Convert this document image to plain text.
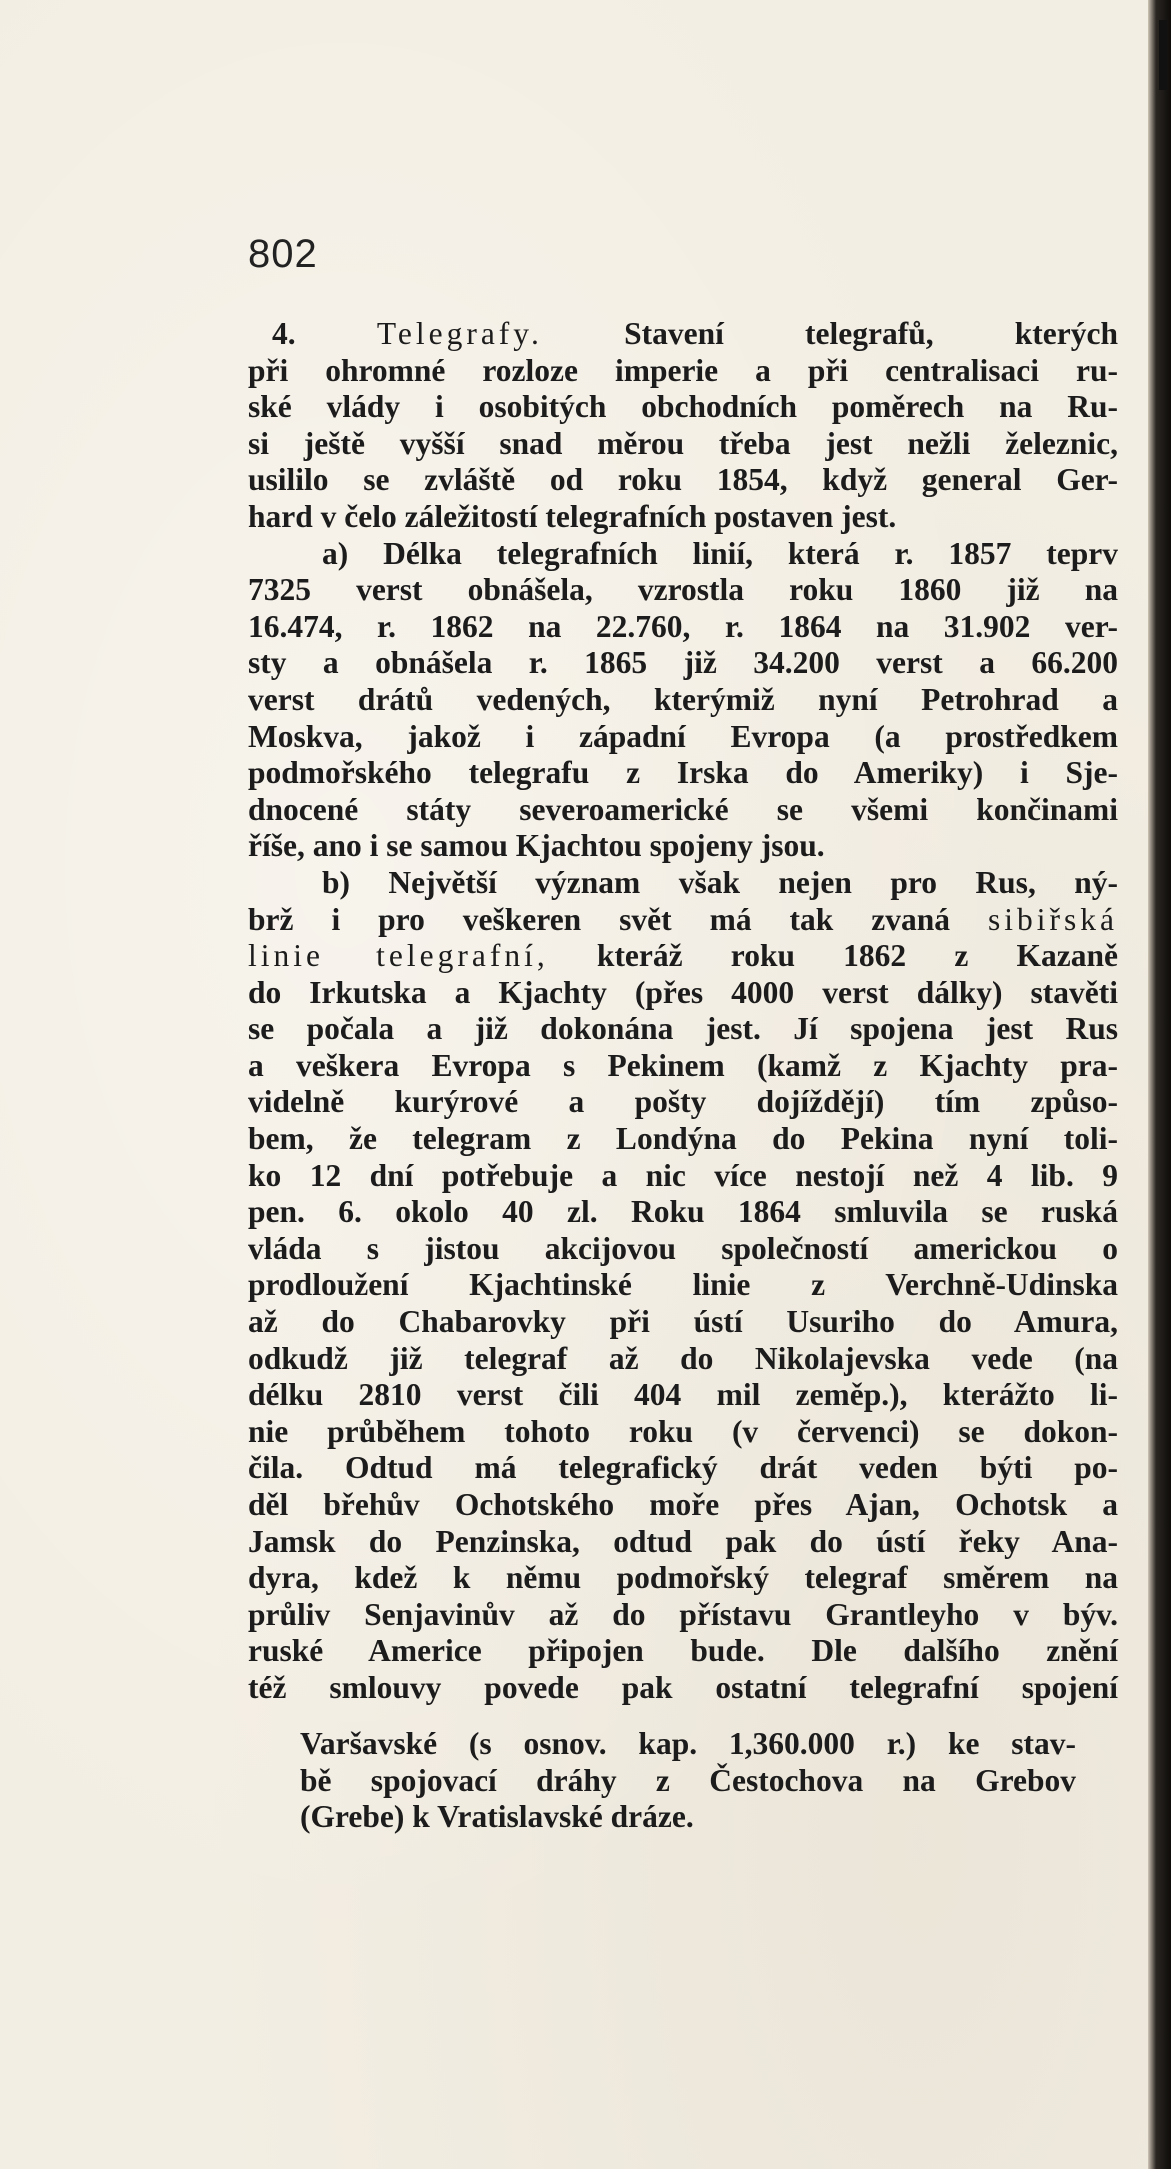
802
4.	Telegrafy.	Stavení telegrafů, kterých
při ohromné rozloze imperie a při centralisaci ru-
ské vlády i osobitých obchodních poměrech na Ru-
si ještě vyšší snad měrou třeba jest nežli železnic,
usililo se zvláště od roku 1854, když general Ger-
hard v čelo záležitostí telegrafních postaven jest.
a) Délka telegrafních linií, která r. 1857 teprv
7325 verst obnášela, vzrostla roku 1860 již na
16.474, r. 1862 na 22.760, r. 1864 na 31.902 ver-
sty a obnášela r. 1865 již 34.200 verst a 66.200
verst drátů vedených, kterýmiž nyní Petrohrad a
Moskva, jakož i západní Evropa (a prostředkem
podmořského telegrafu z Irska do Ameriky) i Sje-
dnocené státy severoamerické se všemi končinami
říše, ano i se samou Kjachtou spojeny jsou.
b) Největší význam však nejen pro Rus, ný-
brž i pro veškeren svět má tak zvaná sibiřská
linie telegrafní, kteráž roku 1862 z Kazaně
do Irkutska a Kjachty (přes 4000 verst dálky) stavěti
se počala a již dokonána jest. Jí spojena jest Rus
a veškera Evropa s Pekinem (kamž z Kjachty pra-
videlně kurýrové a pošty dojíždějí) tím způso-
bem, že telegram z Londýna do Pekina nyní toli-
ko 12 dní potřebuje a nic více nestojí než 4 lib. 9
pen. 6. okolo 40 zl. Roku 1864 smluvila se ruská
vláda s jistou akcijovou společností americkou o
prodloužení Kjachtinské linie z Verchně-Udinska
až do Chabarovky při ústí Usuriho do Amura,
odkudž již telegraf až do Nikolajevska vede (na
délku 2810 verst čili 404 mil zeměp.), kterážto li-
nie průběhem tohoto roku (v červenci) se dokon-
čila. Odtud má telegrafický drát veden býti po-
děl břehův Ochotského moře přes Ajan, Ochotsk a
Jamsk do Penzinska, odtud pak do ústí řeky Ana-
dyra, kdež k němu podmořský telegraf směrem na
průliv Senjavinův až do přístavu Grantleyho v býv.
ruské Americe připojen bude. Dle dalšího znění
též smlouvy povede pak ostatní telegrafní spojení
Varšavské (s osnov. kap. 1,360.000 r.) ke stav-
bě spojovací dráhy z Čestochova na Grebov
(Grebe) k Vratislavské dráze.
